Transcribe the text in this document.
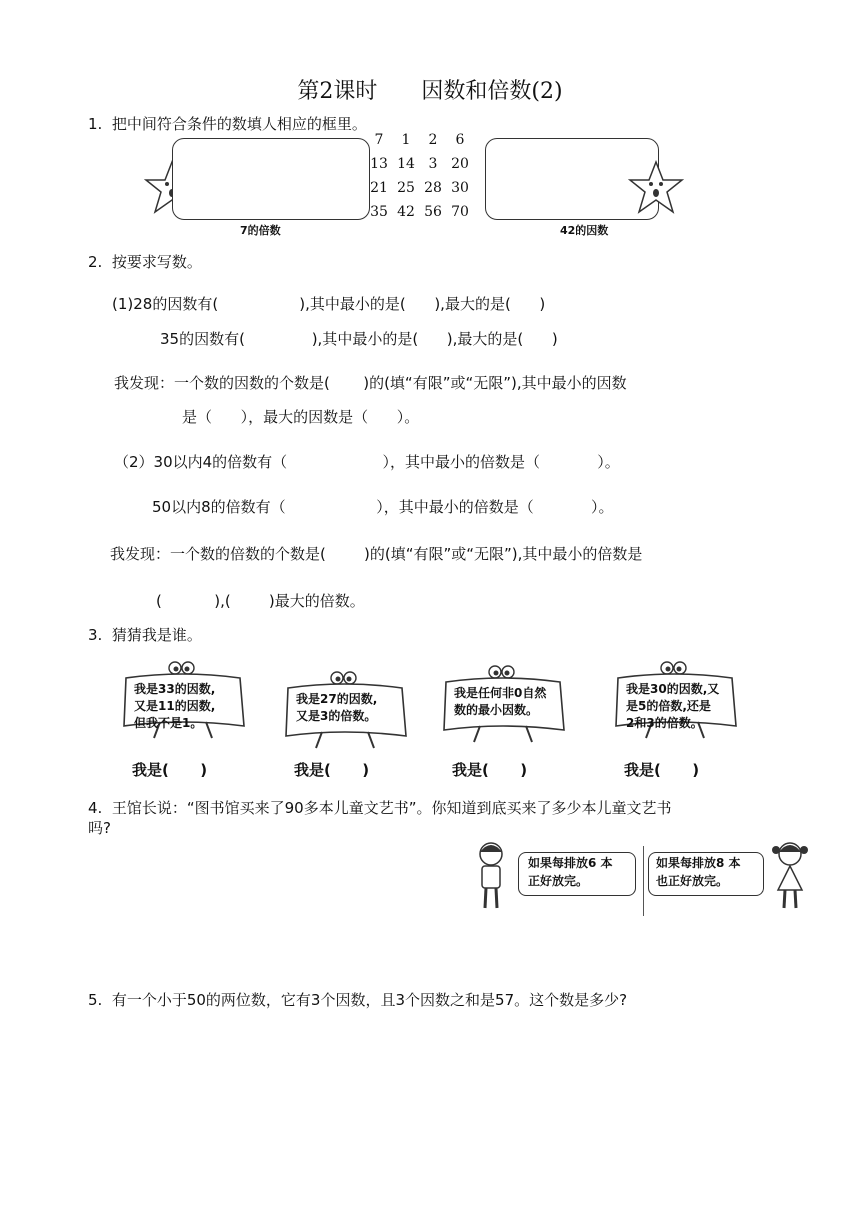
第2课时　　因数和倍数(2)
1.  把中间符合条件的数填人相应的框里。
7的倍数
7	1	2	6
13 14 3 20
21 25 28 30
35 42 56 70
42的因数
2.  按要求写数。
(1)28的因数有(                 ),其中最小的是(      ),最大的是(      )
35的因数有(              ),其中最小的是(      ),最大的是(      )
我发现：一个数的因数的个数是(       )的(填“有限”或“无限”),其中最小的因数
是（      ），最大的因数是（      ）。
（2）30以内4的倍数有（                    ），其中最小的倍数是（            ）。
50以内8的倍数有（                   ），其中最小的倍数是（            ）。
我发现：一个数的倍数的个数是(        )的(填“有限”或“无限”),其中最小的倍数是
(           ),(        )最大的倍数。
3.  猜猜我是谁。
我是33的因数,
又是11的因数,
但我不是1。
我是(      )
我是27的因数,
又是3的倍数。
我是(      )
我是任何非0自然
数的最小因数。
我是(      )
我是30的因数,又
是5的倍数,还是
2和3的倍数。
我是(      )
4.  王馆长说：“图书馆买来了90多本儿童文艺书”。你知道到底买来了多少本儿童文艺书
吗?
如果每排放6 本
正好放完。
如果每排放8 本
也正好放完。
5.  有一个小于50的两位数，它有3个因数，且3个因数之和是57。这个数是多少?
